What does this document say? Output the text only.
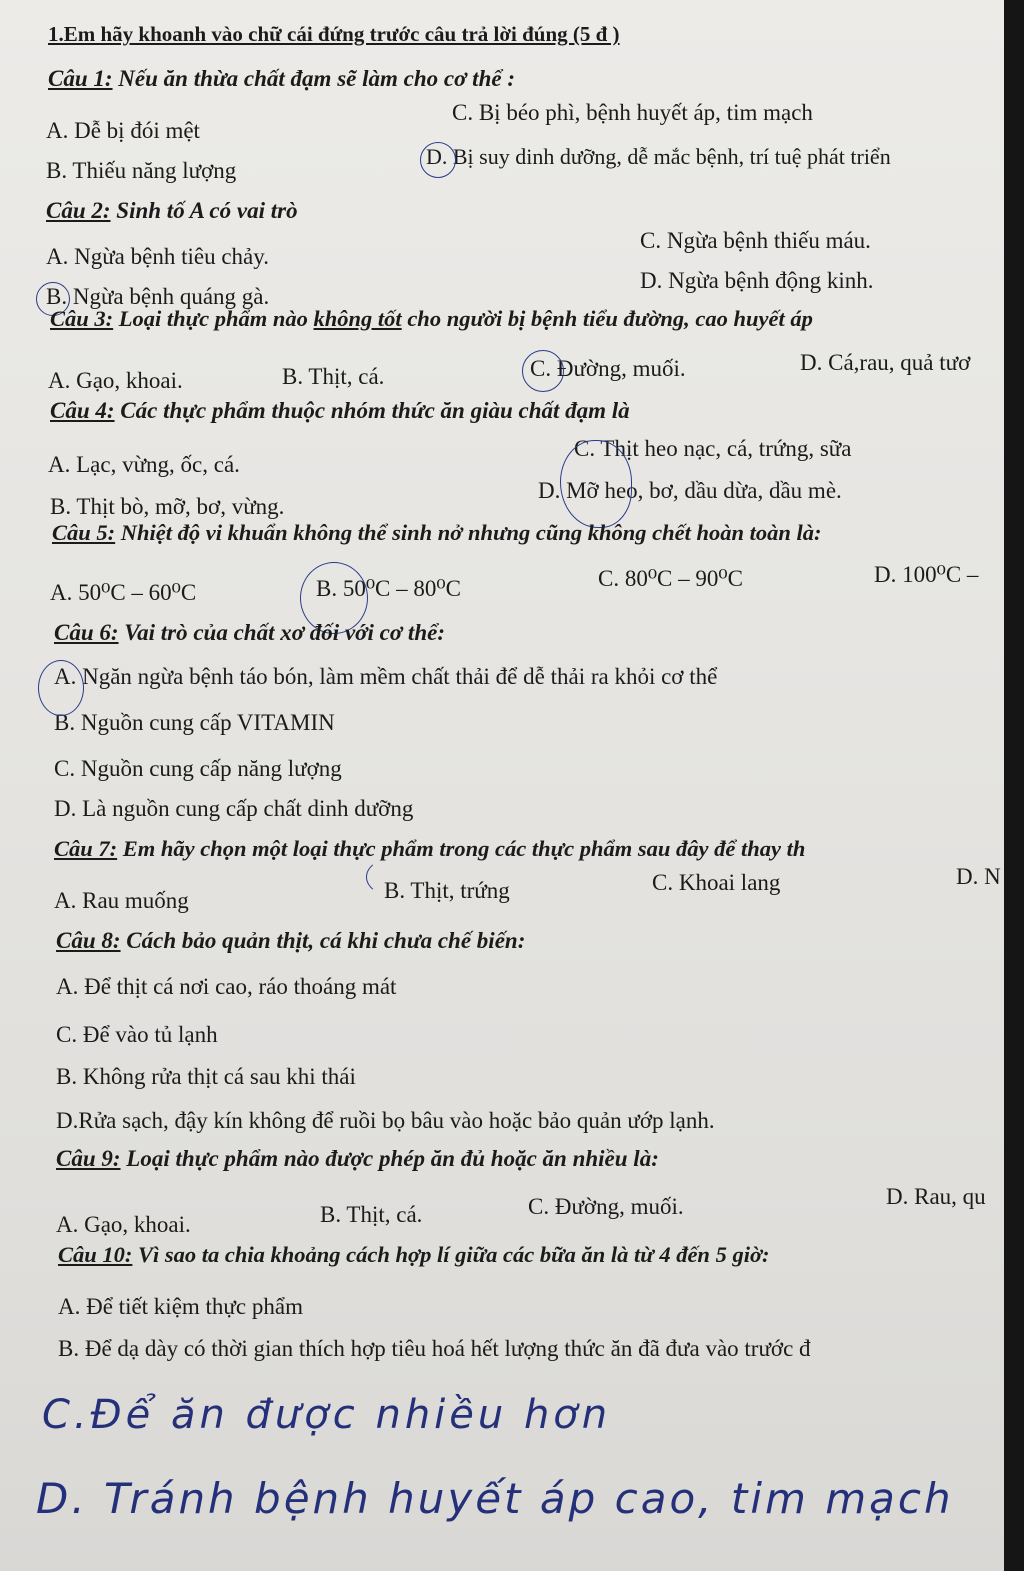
1.Em hãy khoanh vào chữ cái đứng trước câu trả lời đúng (5 đ )
Câu 1: Nếu ăn thừa chất đạm sẽ làm cho cơ thể :
A. Dễ bị đói mệt
C. Bị béo phì, bệnh huyết áp, tim mạch
B. Thiếu năng lượng
D. Bị suy dinh dưỡng, dễ mắc bệnh, trí tuệ phát triển
Câu 2: Sinh tố A có vai trò
A. Ngừa bệnh tiêu chảy.
C. Ngừa bệnh thiếu máu.
B. Ngừa bệnh quáng gà.
D. Ngừa bệnh động kinh.
Câu 3: Loại thực phẩm nào không tốt cho người bị bệnh tiểu đường, cao huyết áp
A. Gạo, khoai.	B. Thịt, cá.	C. Đường, muối.	D. Cá,rau, quả tươ
Câu 4: Các thực phẩm thuộc nhóm thức ăn giàu chất đạm là
A. Lạc, vừng, ốc, cá.
C. Thịt heo nạc, cá, trứng, sữa
B. Thịt bò, mỡ, bơ, vừng.
D. Mỡ heo, bơ, dầu dừa, dầu mè.
Câu 5: Nhiệt độ vi khuẩn không thể sinh nở nhưng cũng không chết hoàn toàn là:
A. 50⁰C – 60⁰C	B. 50⁰C – 80⁰C	C. 80⁰C – 90⁰C	D. 100⁰C –
Câu 6: Vai trò của chất xơ đối với cơ thể:
A. Ngăn ngừa bệnh táo bón, làm mềm chất thải để dễ thải ra khỏi cơ thể
B. Nguồn cung cấp VITAMIN
C. Nguồn cung cấp năng lượng
D. Là nguồn cung cấp chất dinh dưỡng
Câu 7: Em hãy chọn một loại thực phẩm trong các thực phẩm sau đây để thay th
A. Rau muống	B. Thịt, trứng	C. Khoai lang	D. N
Câu 8: Cách bảo quản thịt, cá khi chưa chế biến:
A. Để thịt cá nơi cao, ráo thoáng mát
C. Để vào tủ lạnh
B. Không rửa thịt cá sau khi thái
D.Rửa sạch, đậy kín không để ruồi bọ bâu vào hoặc bảo quản ướp lạnh.
Câu 9: Loại thực phẩm nào được phép ăn đủ hoặc ăn nhiều là:
A. Gạo, khoai.	B. Thịt, cá.	C. Đường, muối.	D. Rau, qu
Câu 10: Vì sao ta chia khoảng cách hợp lí giữa các bữa ăn là từ 4 đến 5 giờ:
A. Để tiết kiệm thực phẩm
B. Để dạ dày có thời gian thích hợp tiêu hoá hết lượng thức ăn đã đưa vào trước đ
C.Để ăn được nhiều hơn
D. Tránh bệnh huyết áp cao, tim mạch
